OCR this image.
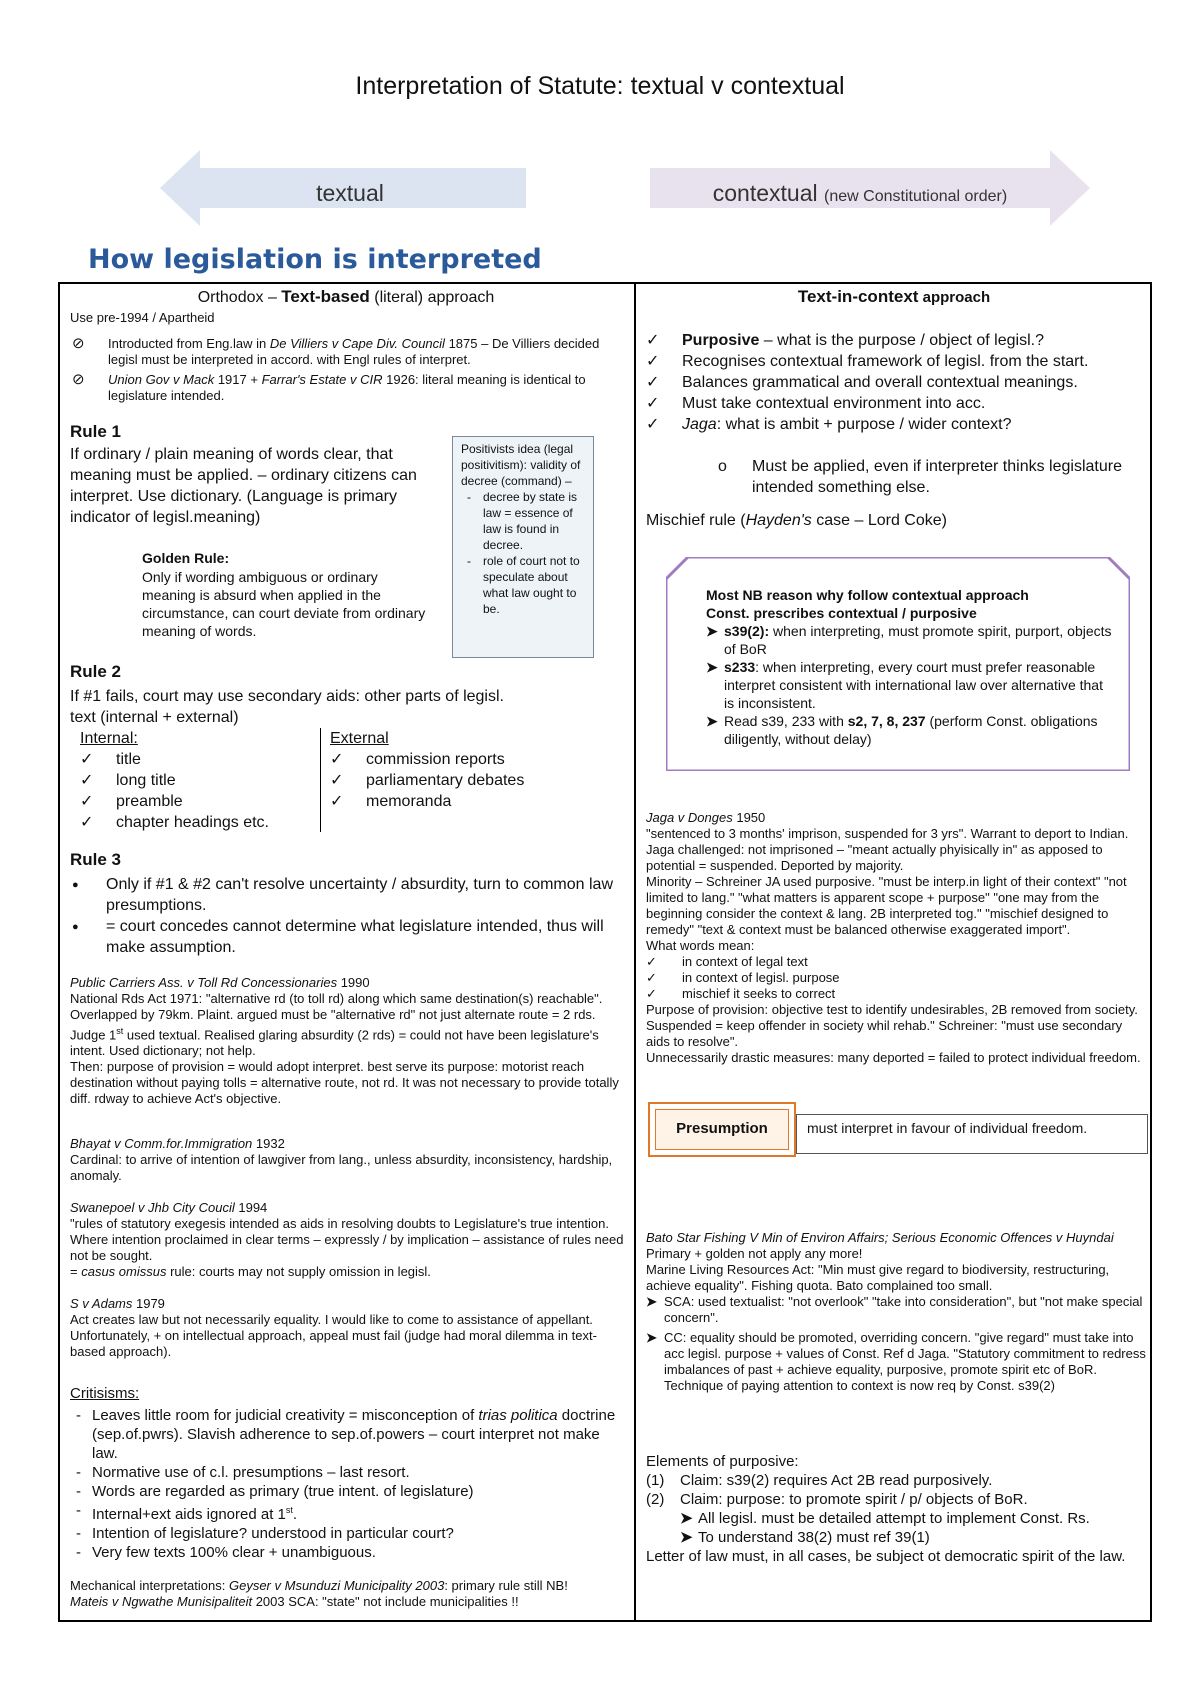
Interpretation of Statute: textual v contextual
textual	contextual (new Constitutional order)
How legislation is interpreted
Orthodox – Text-based (literal) approach
Use pre-1994 / Apartheid
⊘ Introducted from Eng.law in De Villiers v Cape Div. Council 1875 – De Villiers decided legisl must be interpreted in accord. with Engl rules of interpret.
⊘ Union Gov v Mack 1917 + Farrar's Estate v CIR 1926: literal meaning is identical to legislature intended.
Rule 1
If ordinary / plain meaning of words clear, that meaning must be applied. – ordinary citizens can interpret. Use dictionary. (Language is primary indicator of legisl.meaning)
Golden Rule:
Only if wording ambiguous or ordinary meaning is absurd when applied in the circumstance, can court deviate from ordinary meaning of words.
Positivists idea (legal positivitism): validity of decree (command) –
- decree by state is law = essence of law is found in decree.
- role of court not to speculate about what law ought to be.
Rule 2
If #1 fails, court may use secondary aids: other parts of legisl. text (internal + external)
Internal:
✓ title
✓ long title
✓ preamble
✓ chapter headings etc.
External
✓ commission reports
✓ parliamentary debates
✓ memoranda
Rule 3
● Only if #1 & #2 can't resolve uncertainty / absurdity, turn to common law presumptions.
● = court concedes cannot determine what legislature intended, thus will make assumption.
Public Carriers Ass. v Toll Rd Concessionaries 1990
National Rds Act 1971: "alternative rd (to toll rd) along which same destination(s) reachable". Overlapped by 79km. Plaint. argued must be "alternative rd" not just alternate route = 2 rds.
Judge 1st used textual. Realised glaring absurdity (2 rds) = could not have been legislature's intent. Used dictionary; not help.
Then: purpose of provision = would adopt interpret. best serve its purpose: motorist reach destination without paying tolls = alternative route, not rd. It was not necessary to provide totally diff. rdway to achieve Act's objective.
Bhayat v Comm.for.Immigration 1932
Cardinal: to arrive of intention of lawgiver from lang., unless absurdity, inconsistency, hardship, anomaly.
Swanepoel v Jhb City Coucil 1994
"rules of statutory exegesis intended as aids in resolving doubts to Legislature's true intention. Where intention proclaimed in clear terms – expressly / by implication – assistance of rules need not be sought.
= casus omissus rule: courts may not supply omission in legisl.
S v Adams 1979
Act creates law but not necessarily equality. I would like to come to assistance of appellant. Unfortunately, + on intellectual approach, appeal must fail (judge had moral dilemma in text-based approach).
Critisisms:
- Leaves little room for judicial creativity = misconception of trias politica doctrine (sep.of.pwrs). Slavish adherence to sep.of.powers – court interpret not make law.
- Normative use of c.l. presumptions – last resort.
- Words are regarded as primary (true intent. of legislature)
- Internal+ext aids ignored at 1st.
- Intention of legislature? understood in particular court?
- Very few texts 100% clear + unambiguous.
Mechanical interpretations: Geyser v Msunduzi Municipality 2003: primary rule still NB!
Mateis v Ngwathe Munisipaliteit 2003 SCA: "state" not include municipalities !!
Text-in-context approach
✓ Purposive – what is the purpose / object of legisl.?
✓ Recognises contextual framework of legisl. from the start.
✓ Balances grammatical and overall contextual meanings.
✓ Must take contextual environment into acc.
✓ Jaga: what is ambit + purpose / wider context?
o	Must be applied, even if interpreter thinks legislature intended something else.
Mischief rule (Hayden's case – Lord Coke)
Most NB reason why follow contextual approach
Const. prescribes contextual / purposive
➤ s39(2): when interpreting, must promote spirit, purport, objects of BoR
➤ s233: when interpreting, every court must prefer reasonable interpret consistent with international law over alternative that is inconsistent.
➤ Read s39, 233 with s2, 7, 8, 237 (perform Const. obligations diligently, without delay)
Jaga v Donges 1950
"sentenced to 3 months' imprison, suspended for 3 yrs". Warrant to deport to Indian. Jaga challenged: not imprisoned – "meant actually phyisically in" as apposed to potential = suspended. Deported by majority.
Minority – Schreiner JA used purposive. "must be interp.in light of their context" "not limited to lang." "what matters is apparent scope + purpose" "one may from the beginning consider the context & lang. 2B interpreted tog." "mischief designed to remedy" "text & context must be balanced otherwise exaggerated import".
What words mean:
✓ in context of legal text
✓ in context of legisl. purpose
✓ mischief it seeks to correct
Purpose of provision: objective test to identify undesirables, 2B removed from society. Suspended = keep offender in society whil rehab." Schreiner: "must use secondary aids to resolve".
Unnecessarily drastic measures: many deported = failed to protect individual freedom.
Presumption	must interpret in favour of individual freedom.
Bato Star Fishing V Min of Environ Affairs; Serious Economic Offences v Huyndai
Primary + golden not apply any more!
Marine Living Resources Act: "Min must give regard to biodiversity, restructuring, achieve equality". Fishing quota. Bato complained too small.
➤ SCA: used textualist: "not overlook" "take into consideration", but "not make special concern".
➤ CC: equality should be promoted, overriding concern. "give regard" must take into acc legisl. purpose + values of Const. Ref d Jaga. "Statutory commitment to redress imbalances of past + achieve equality, purposive, promote spirit etc of BoR. Technique of paying attention to context is now req by Const. s39(2)
Elements of purposive:
(1) Claim: s39(2) requires Act 2B read purposively.
(2) Claim: purpose: to promote spirit / p/ objects of BoR.
➤ All legisl. must be detailed attempt to implement Const. Rs.
➤ To understand 38(2) must ref 39(1)
Letter of law must, in all cases, be subject ot democratic spirit of the law.
